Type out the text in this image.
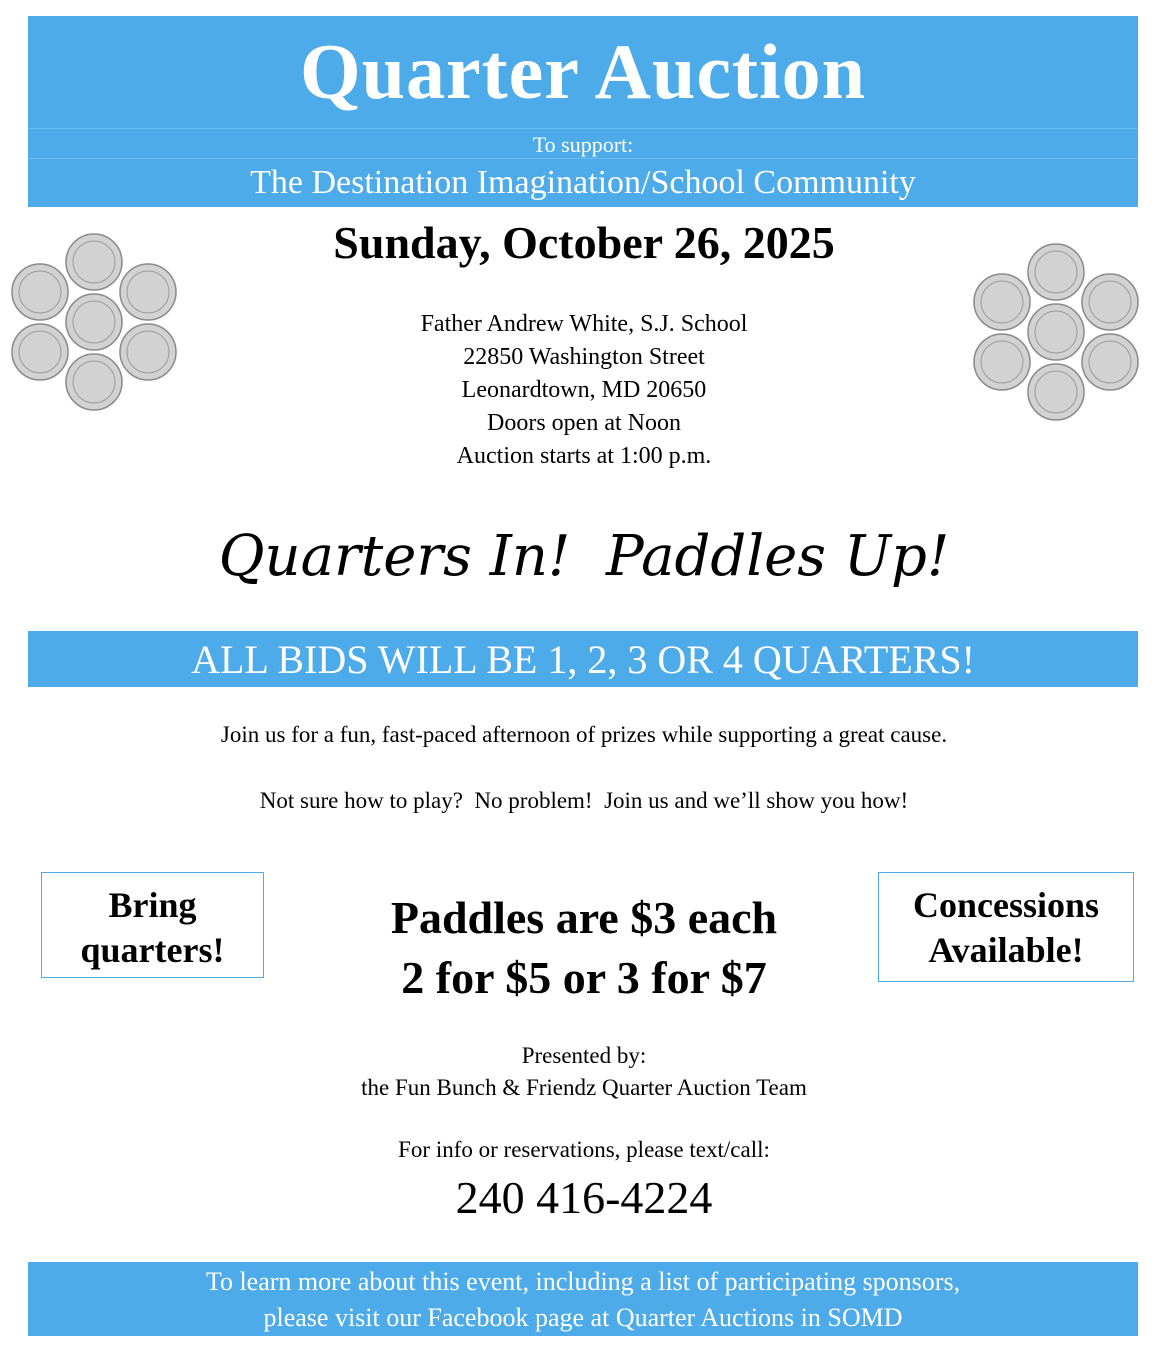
Quarter Auction
To support:
The Destination Imagination/School Community
Sunday, October 26, 2025
Father Andrew White, S.J. School
22850 Washington Street
Leonardtown, MD 20650
Doors open at Noon
Auction starts at 1:00 p.m.
Quarters In!  Paddles Up!
ALL BIDS WILL BE 1, 2, 3 OR 4 QUARTERS!
Join us for a fun, fast-paced afternoon of prizes while supporting a great cause.
Not sure how to play?  No problem!  Join us and we’ll show you how!
Bring
quarters!
Paddles are $3 each
2 for $5 or 3 for $7
Concessions
Available!
Presented by:
the Fun Bunch & Friendz Quarter Auction Team
For info or reservations, please text/call:
240 416-4224
To learn more about this event, including a list of participating sponsors,
please visit our Facebook page at Quarter Auctions in SOMD
